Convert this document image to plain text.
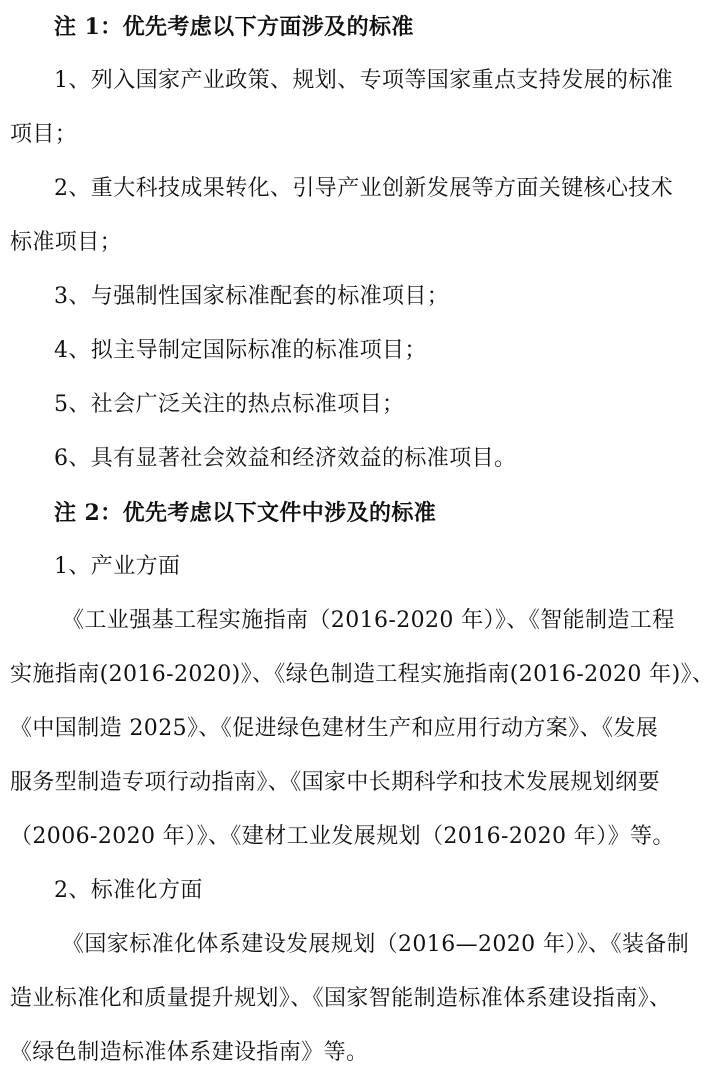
注 1：优先考虑以下方面涉及的标准
1、列入国家产业政策、规划、专项等国家重点支持发展的标准
项目；
2、重大科技成果转化、引导产业创新发展等方面关键核心技术
标准项目；
3、与强制性国家标准配套的标准项目；
4、拟主导制定国际标准的标准项目；
5、社会广泛关注的热点标准项目；
6、具有显著社会效益和经济效益的标准项目。
注 2：优先考虑以下文件中涉及的标准
1、产业方面
《工业强基工程实施指南（2016-2020 年）》、《智能制造工程
实施指南(2016-2020)》、《绿色制造工程实施指南(2016-2020 年)》、
《中国制造 2025》、《促进绿色建材生产和应用行动方案》、《发展
服务型制造专项行动指南》、《国家中长期科学和技术发展规划纲要
（2006-2020 年）》、《建材工业发展规划（2016-2020 年）》等。
2、标准化方面
《国家标准化体系建设发展规划（2016—2020 年）》、《装备制
造业标准化和质量提升规划》、《国家智能制造标准体系建设指南》、
《绿色制造标准体系建设指南》等。
